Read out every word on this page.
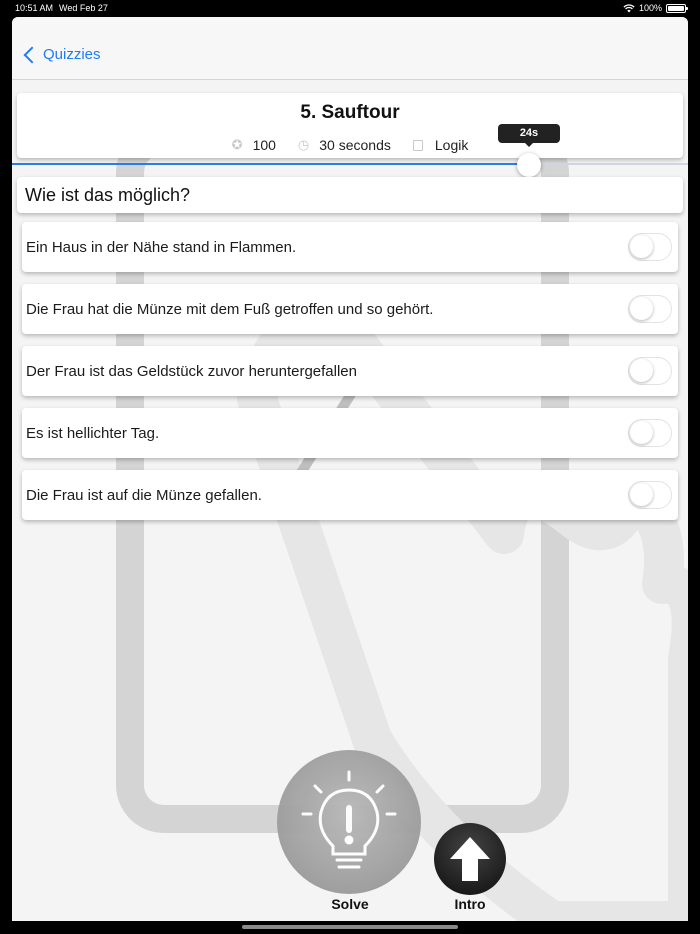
10:51 AM Wed Feb 27	100%
Quizzies
5. Sauftour
✪ 100 ◷ 30 seconds	Logik
24s
Wie ist das möglich?
Ein Haus in der Nähe stand in Flammen.
Die Frau hat die Münze mit dem Fuß getroffen und so gehört.
Der Frau ist das Geldstück zuvor heruntergefallen
Es ist hellichter Tag.
Die Frau ist auf die Münze gefallen.
Solve	Intro
